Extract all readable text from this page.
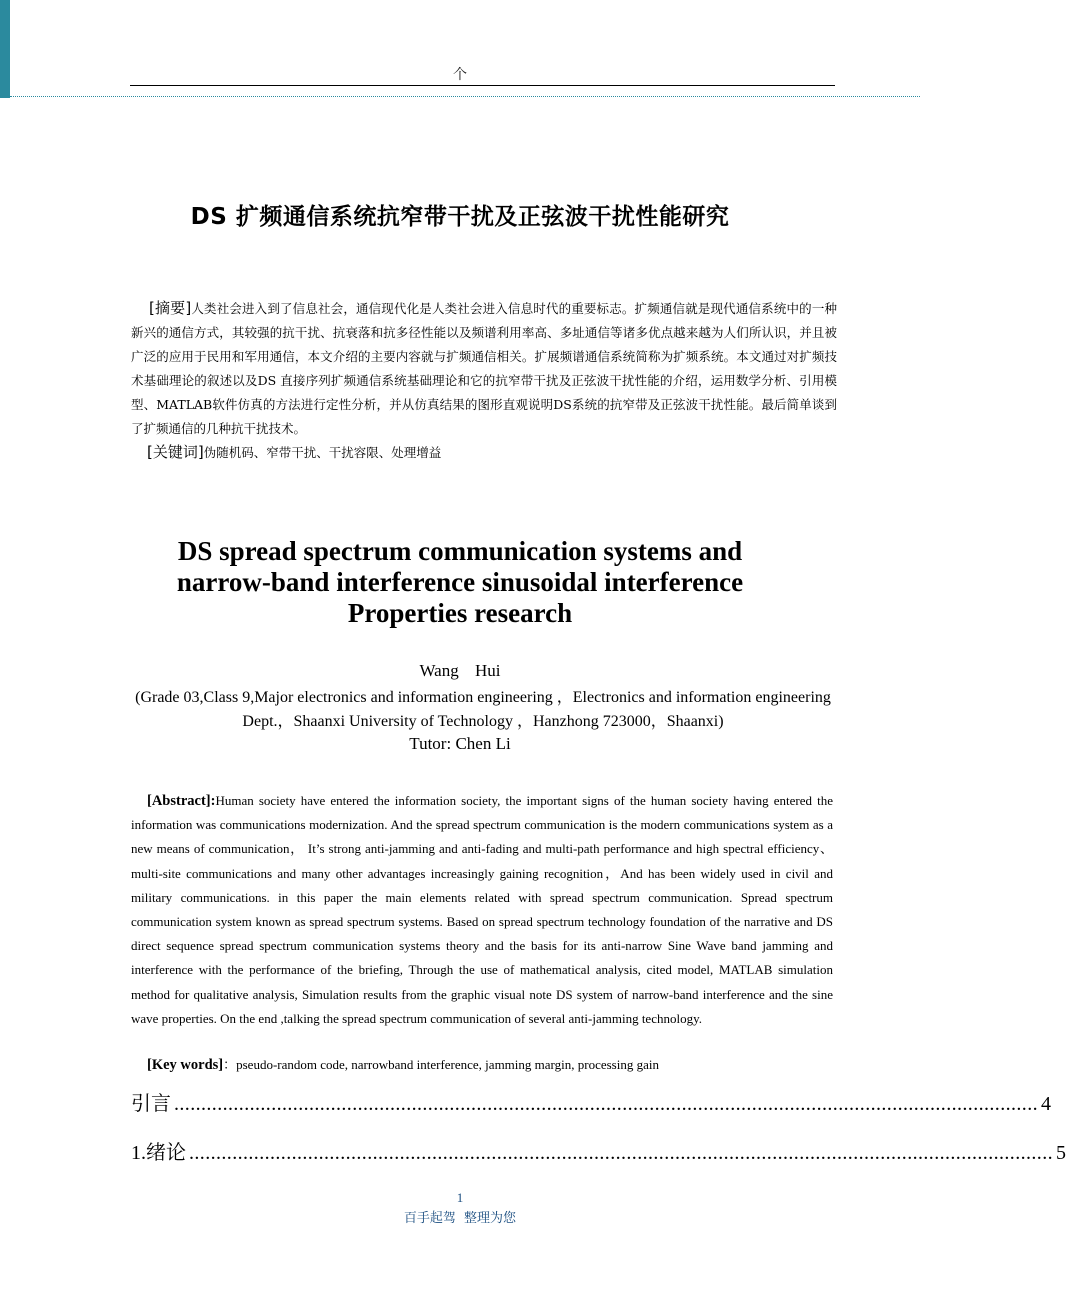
个
DS 扩频通信系统抗窄带干扰及正弦波干扰性能研究
[摘要]人类社会进入到了信息社会，通信现代化是人类社会进入信息时代的重要标志。扩频通信就是现代通信系统中的一种新兴的通信方式，其较强的抗干扰、抗衰落和抗多径性能以及频谱利用率高、多址通信等诸多优点越来越为人们所认识，并且被广泛的应用于民用和军用通信，本文介绍的主要内容就与扩频通信相关。扩展频谱通信系统简称为扩频系统。本文通过对扩频技术基础理论的叙述以及DS 直接序列扩频通信系统基础理论和它的抗窄带干扰及正弦波干扰性能的介绍，运用数学分析、引用模型、MATLAB软件仿真的方法进行定性分析，并从仿真结果的图形直观说明DS系统的抗窄带及正弦波干扰性能。最后简单谈到了扩频通信的几种抗干扰技术。
[关键词]伪随机码、窄带干扰、干扰容限、处理增益
DS spread spectrum communication systems and
narrow-band interference sinusoidal interference
Properties research
Wang Hui
(Grade 03,Class 9,Major electronics and information engineering ，Electronics and information engineering
Dept.，Shaanxi University of Technology ，Hanzhong 723000，Shaanxi)
Tutor: Chen Li
[Abstract]:Human society have entered the information society, the important signs of the human society having entered the information was communications modernization. And the spread spectrum communication is the modern communications system as a new means of communication， It’s strong anti-jamming and anti-fading and multi-path performance and high spectral efficiency、multi-site communications and many other advantages increasingly gaining recognition，And has been widely used in civil and military communications. in this paper the main elements related with spread spectrum communication. Spread spectrum communication system known as spread spectrum systems. Based on spread spectrum technology foundation of the narrative and DS direct sequence spread spectrum communication systems theory and the basis for its anti-narrow Sine Wave band jamming and interference with the performance of the briefing, Through the use of mathematical analysis, cited model, MATLAB simulation method for qualitative analysis, Simulation results from the graphic visual note DS system of narrow-band interference and the sine wave properties. On the end ,talking the spread spectrum communication of several anti-jamming technology.
[Key words]：pseudo-random code, narrowband interference, jamming margin, processing gain
引言 ................................................................................................................................................................ 4
1.绪论 ................................................................................................................................................................ 5
1
百手起驾 整理为您
